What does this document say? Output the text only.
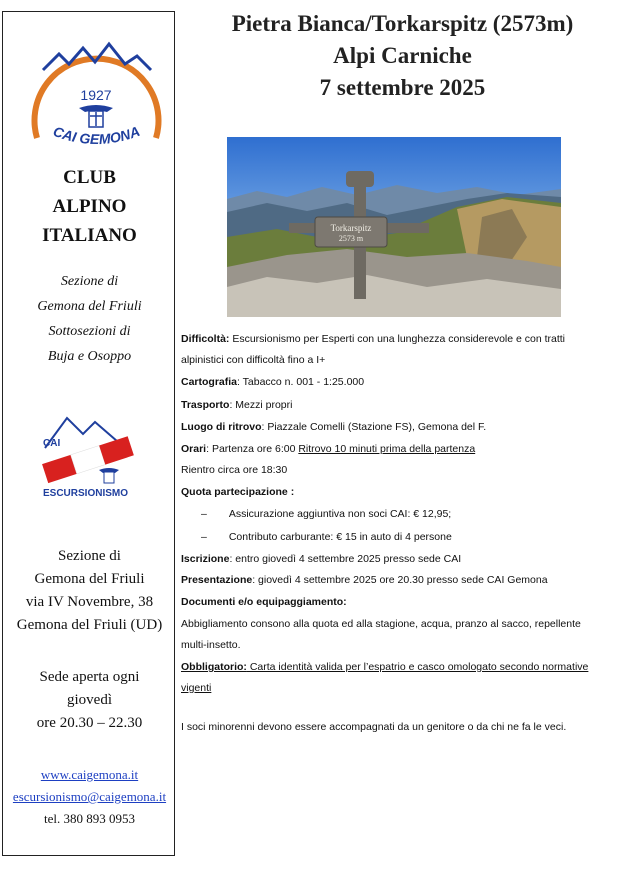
1927
CAI GEMONA
CLUB
ALPINO
ITALIANO
Sezione di
Gemona del Friuli
Sottosezioni di
Buja e Osoppo
CAI
ESCURSIONISMO
Sezione di
Gemona del Friuli
via IV Novembre, 38
Gemona del Friuli (UD)
Sede aperta ogni
giovedì
ore 20.30 – 22.30
www.caigemona.it
escursionismo@caigemona.it
tel. 380 893 0953
Pietra Bianca/Torkarspitz (2573m)
Alpi Carniche
7 settembre 2025
Torkarspitz
2573 m
Difficoltà: Escursionismo per Esperti con una lunghezza considerevole e con tratti
alpinistici con difficoltà fino a I+
Cartografia: Tabacco n. 001 - 1:25.000
Trasporto: Mezzi propri
Luogo di ritrovo: Piazzale Comelli (Stazione FS), Gemona del F.
Orari: Partenza ore 6:00 Ritrovo 10 minuti prima della partenza
Rientro circa ore 18:30
Quota partecipazione :
– Assicurazione aggiuntiva non soci CAI: € 12,95;
– Contributo carburante: € 15 in auto di 4 persone
Iscrizione: entro giovedì 4 settembre 2025 presso sede CAI
Presentazione: giovedì 4 settembre 2025 ore 20.30 presso sede CAI Gemona
Documenti e/o equipaggiamento:
Abbigliamento consono alla quota ed alla stagione, acqua, pranzo al sacco, repellente
multi-insetto.
Obbligatorio: Carta identità valida per l’espatrio e casco omologato secondo normative
vigenti
I soci minorenni devono essere accompagnati da un genitore o da chi ne fa le veci.
